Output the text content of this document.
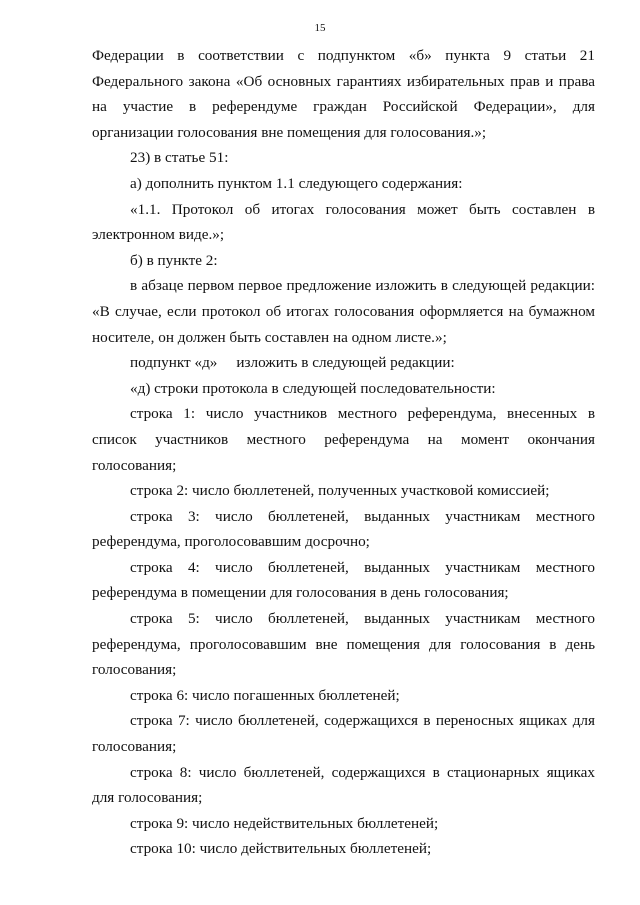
15

Федерации в соответствии с подпунктом «б» пункта 9 статьи 21 Федерального закона «Об основных гарантиях избирательных прав и права на участие в референдуме граждан Российской Федерации», для организации голосования вне помещения для голосования.»;

23) в статье 51:

а) дополнить пунктом 1.1 следующего содержания:

«1.1. Протокол об итогах голосования может быть составлен в электронном виде.»;

б) в пункте 2:

в абзаце первом первое предложение изложить в следующей редакции: «В случае, если протокол об итогах голосования оформляется на бумажном носителе, он должен быть составлен на одном листе.»;

подпункт «д»     изложить в следующей редакции:

«д) строки протокола в следующей последовательности:

строка 1: число участников местного референдума, внесенных в список участников местного референдума на момент окончания голосования;

строка 2: число бюллетеней, полученных участковой комиссией;

строка 3: число бюллетеней, выданных участникам местного референдума, проголосовавшим досрочно;

строка 4: число бюллетеней, выданных участникам местного референдума в помещении для голосования в день голосования;

строка 5: число бюллетеней, выданных участникам местного референдума, проголосовавшим вне помещения для голосования в день голосования;

строка 6: число погашенных бюллетеней;

строка 7: число бюллетеней, содержащихся в переносных ящиках для голосования;

строка 8: число бюллетеней, содержащихся в стационарных ящиках для голосования;

строка 9: число недействительных бюллетеней;

строка 10: число действительных бюллетеней;
